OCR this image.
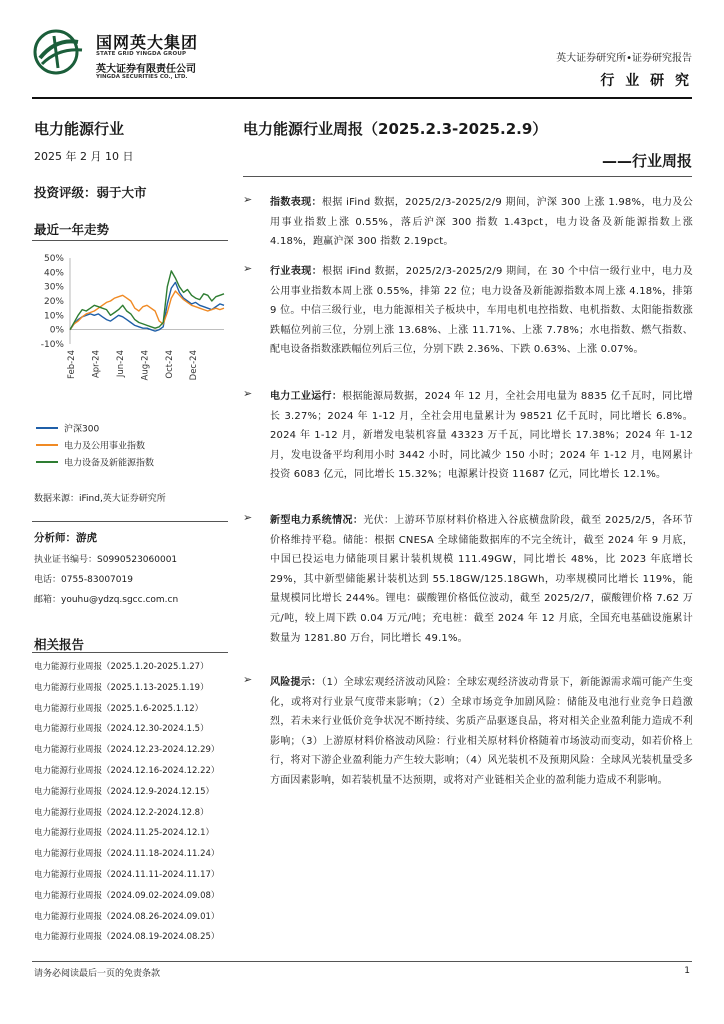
国网英大集团
STATE GRID YINGDA GROUP
英大证券有限责任公司
YINGDA SECURITIES CO., LTD.
英大证券研究所•证券研究报告
行 业 研 究
电力能源行业
2025 年 2 月 10 日
投资评级：弱于大市
最近一年走势
50%
40%
30%
20%
10%
0%
-10%
Feb-24 Apr-24 Jun-24 Aug-24 Oct-24 Dec-24
沪深300
电力及公用事业指数
电力设备及新能源指数
数据来源：iFind,英大证券研究所
分析师：游虎
执业证书编号：S0990523060001
电话：0755-83007019
邮箱：youhu@ydzq.sgcc.com.cn
相关报告
电力能源行业周报（2025.1.20-2025.1.27）
电力能源行业周报（2025.1.13-2025.1.19）
电力能源行业周报（2025.1.6-2025.1.12）
电力能源行业周报（2024.12.30-2024.1.5）
电力能源行业周报（2024.12.23-2024.12.29）
电力能源行业周报（2024.12.16-2024.12.22）
电力能源行业周报（2024.12.9-2024.12.15）
电力能源行业周报（2024.12.2-2024.12.8）
电力能源行业周报（2024.11.25-2024.12.1）
电力能源行业周报（2024.11.18-2024.11.24）
电力能源行业周报（2024.11.11-2024.11.17）
电力能源行业周报（2024.09.02-2024.09.08）
电力能源行业周报（2024.08.26-2024.09.01）
电力能源行业周报（2024.08.19-2024.08.25）
电力能源行业周报（2025.2.3-2025.2.9）
——行业周报
➢ 指数表现：根据 iFind 数据，2025/2/3-2025/2/9 期间，沪深 300 上涨 1.98%，电力及公用事业指数上涨 0.55%，落后沪深 300 指数 1.43pct，电力设备及新能源指数上涨 4.18%，跑赢沪深 300 指数 2.19pct。
➢ 行业表现：根据 iFind 数据，2025/2/3-2025/2/9 期间，在 30 个中信一级行业中，电力及公用事业指数本周上涨 0.55%，排第 22 位；电力设备及新能源指数本周上涨 4.18%，排第 9 位。中信三级行业，电力能源相关子板块中，车用电机电控指数、电机指数、太阳能指数涨跌幅位列前三位，分别上涨 13.68%、上涨 11.71%、上涨 7.78%；水电指数、燃气指数、配电设备指数涨跌幅位列后三位，分别下跌 2.36%、下跌 0.63%、上涨 0.07%。
➢ 电力工业运行：根据能源局数据，2024 年 12 月，全社会用电量为 8835 亿千瓦时，同比增长 3.27%；2024 年 1-12 月，全社会用电量累计为 98521 亿千瓦时，同比增长 6.8%。2024 年 1-12 月，新增发电装机容量 43323 万千瓦，同比增长 17.38%；2024 年 1-12 月，发电设备平均利用小时 3442 小时，同比减少 150 小时；2024 年 1-12 月，电网累计投资 6083 亿元，同比增长 15.32%；电源累计投资 11687 亿元，同比增长 12.1%。
➢ 新型电力系统情况：光伏：上游环节原材料价格进入谷底横盘阶段，截至 2025/2/5，各环节价格维持平稳。储能：根据 CNESA 全球储能数据库的不完全统计，截至 2024 年 9 月底，中国已投运电力储能项目累计装机规模 111.49GW，同比增长 48%，比 2023 年底增长 29%，其中新型储能累计装机达到 55.18GW/125.18GWh，功率规模同比增长 119%，能量规模同比增长 244%。锂电：碳酸锂价格低位波动，截至 2025/2/7，碳酸锂价格 7.62 万元/吨，较上周下跌 0.04 万元/吨；充电桩：截至 2024 年 12 月底，全国充电基础设施累计数量为 1281.80 万台，同比增长 49.1%。
➢ 风险提示：（1）全球宏观经济波动风险：全球宏观经济波动背景下，新能源需求端可能产生变化，或将对行业景气度带来影响；（2）全球市场竞争加剧风险：储能及电池行业竞争日趋激烈，若未来行业低价竞争状况不断持续、劣质产品驱逐良品，将对相关企业盈利能力造成不利影响；（3）上游原材料价格波动风险：行业相关原材料价格随着市场波动而变动，如若价格上行，将对下游企业盈利能力产生较大影响；（4）风光装机不及预期风险：全球风光装机量受多方面因素影响，如若装机量不达预期，或将对产业链相关企业的盈利能力造成不利影响。
请务必阅读最后一页的免责条款	1
